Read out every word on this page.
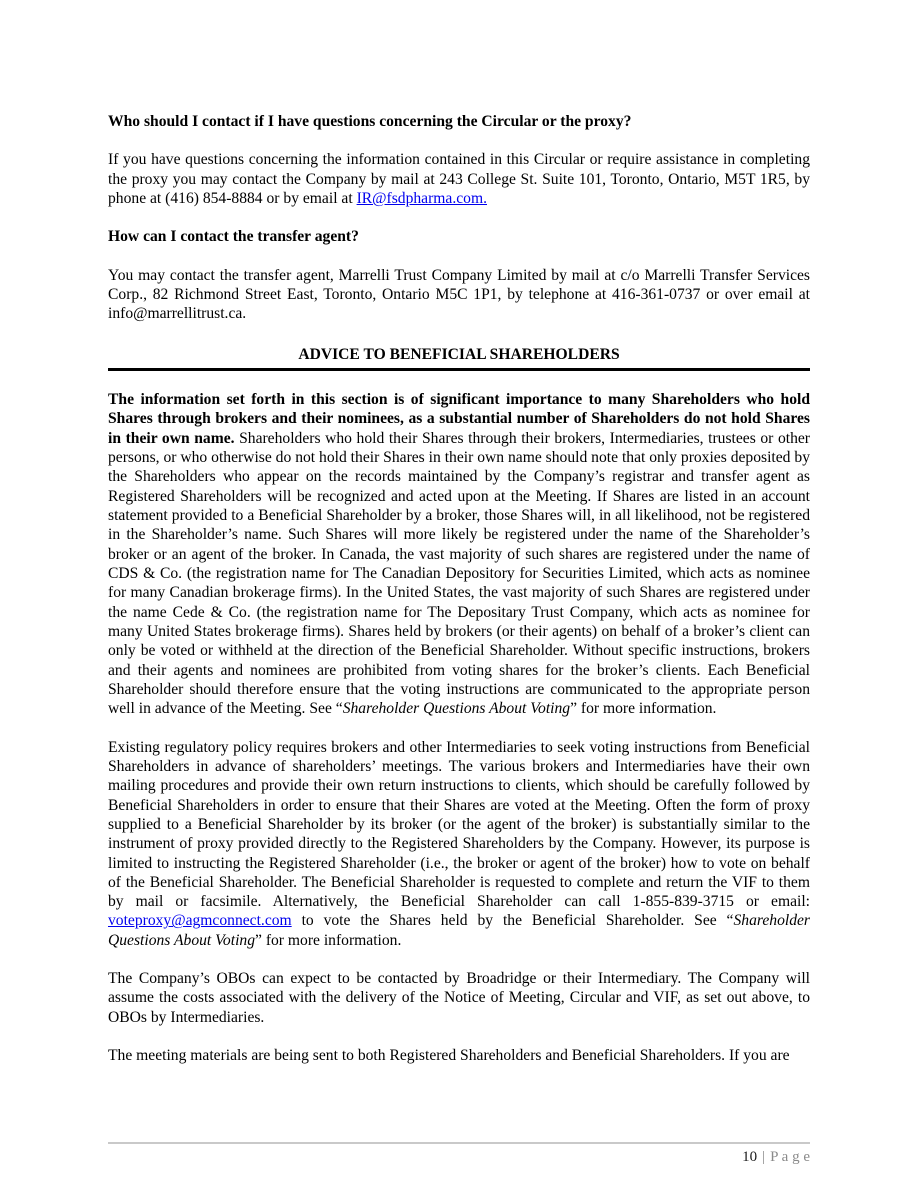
Who should I contact if I have questions concerning the Circular or the proxy?

If you have questions concerning the information contained in this Circular or require assistance in completing the proxy you may contact the Company by mail at 243 College St. Suite 101, Toronto, Ontario, M5T 1R5, by phone at (416) 854-8884 or by email at IR@fsdpharma.com.

How can I contact the transfer agent?

You may contact the transfer agent, Marrelli Trust Company Limited by mail at c/o Marrelli Transfer Services Corp., 82 Richmond Street East, Toronto, Ontario M5C 1P1, by telephone at 416-361-0737 or over email at info@marrellitrust.ca.

ADVICE TO BENEFICIAL SHAREHOLDERS

The information set forth in this section is of significant importance to many Shareholders who hold Shares through brokers and their nominees, as a substantial number of Shareholders do not hold Shares in their own name. Shareholders who hold their Shares through their brokers, Intermediaries, trustees or other persons, or who otherwise do not hold their Shares in their own name should note that only proxies deposited by the Shareholders who appear on the records maintained by the Company’s registrar and transfer agent as Registered Shareholders will be recognized and acted upon at the Meeting. If Shares are listed in an account statement provided to a Beneficial Shareholder by a broker, those Shares will, in all likelihood, not be registered in the Shareholder’s name. Such Shares will more likely be registered under the name of the Shareholder’s broker or an agent of the broker. In Canada, the vast majority of such shares are registered under the name of CDS & Co. (the registration name for The Canadian Depository for Securities Limited, which acts as nominee for many Canadian brokerage firms). In the United States, the vast majority of such Shares are registered under the name Cede & Co. (the registration name for The Depositary Trust Company, which acts as nominee for many United States brokerage firms). Shares held by brokers (or their agents) on behalf of a broker’s client can only be voted or withheld at the direction of the Beneficial Shareholder. Without specific instructions, brokers and their agents and nominees are prohibited from voting shares for the broker’s clients. Each Beneficial Shareholder should therefore ensure that the voting instructions are communicated to the appropriate person well in advance of the Meeting. See “Shareholder Questions About Voting” for more information.

Existing regulatory policy requires brokers and other Intermediaries to seek voting instructions from Beneficial Shareholders in advance of shareholders’ meetings. The various brokers and Intermediaries have their own mailing procedures and provide their own return instructions to clients, which should be carefully followed by Beneficial Shareholders in order to ensure that their Shares are voted at the Meeting. Often the form of proxy supplied to a Beneficial Shareholder by its broker (or the agent of the broker) is substantially similar to the instrument of proxy provided directly to the Registered Shareholders by the Company. However, its purpose is limited to instructing the Registered Shareholder (i.e., the broker or agent of the broker) how to vote on behalf of the Beneficial Shareholder. The Beneficial Shareholder is requested to complete and return the VIF to them by mail or facsimile. Alternatively, the Beneficial Shareholder can call 1-855-839-3715 or email: voteproxy@agmconnect.com to vote the Shares held by the Beneficial Shareholder. See “Shareholder Questions About Voting” for more information.

The Company’s OBOs can expect to be contacted by Broadridge or their Intermediary. The Company will assume the costs associated with the delivery of the Notice of Meeting, Circular and VIF, as set out above, to OBOs by Intermediaries.

The meeting materials are being sent to both Registered Shareholders and Beneficial Shareholders. If you are

10 | P a g e
